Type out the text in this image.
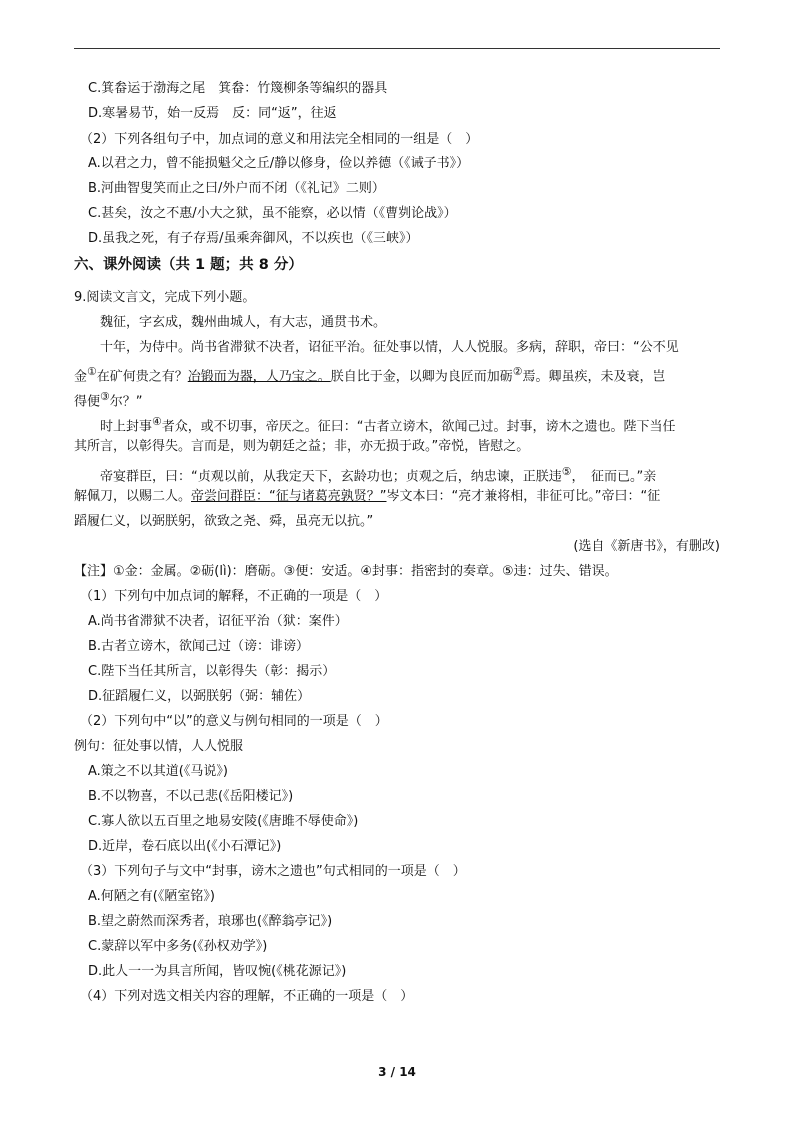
C.箕畚运于渤海之尾　箕畚：竹篾柳条等编织的器具
D.寒暑易节，始一反焉　反：同“返”，往返
（2）下列各组句子中，加点词的意义和用法完全相同的一组是（　）
A.以君之力，曾不能损魁父之丘/静以修身，俭以养德（《诫子书》）
B.河曲智叟笑而止之曰/外户而不闭（《礼记》二则）
C.甚矣，汝之不惠/小大之狱，虽不能察，必以情（《曹刿论战》）
D.虽我之死，有子存焉/虽乘奔御风，不以疾也（《三峡》）
六、课外阅读（共 1 题；共 8 分）
9.阅读文言文，完成下列小题。
　　魏征，字玄成，魏州曲城人，有大志，通贯书术。
　　十年，为侍中。尚书省滞狱不决者，诏征平治。征处事以情，人人悦服。多病，辞职，帝曰：“公不见
金①在矿何贵之有？冶锻而为器，人乃宝之。朕自比于金，以卿为良匠而加砺②焉。卿虽疾，未及衰，岂
得便③尔？”
　　时上封事④者众，或不切事，帝厌之。征曰：“古者立谤木，欲闻己过。封事，谤木之遗也。陛下当任
其所言，以彰得失。言而是，则为朝廷之益；非，亦无损于政。”帝悦，皆慰之。
　　帝宴群臣，曰：“贞观以前，从我定天下，玄龄功也；贞观之后，纳忠谏，正朕违⑤，　征而已。”亲
解佩刀，以赐二人。帝尝问群臣：“征与诸葛亮孰贤？”岑文本曰：“亮才兼将相，非征可比。”帝曰：“征
蹈履仁义，以弼朕躬，欲致之尧、舜，虽亮无以抗。”
(选自《新唐书》，有删改)
【注】①金：金属。②砺(lì)：磨砺。③便：安适。④封事：指密封的奏章。⑤违：过失、错误。
（1）下列句中加点词的解释，不正确的一项是（　）
A.尚书省滞狱不决者，诏征平治（狱：案件）
B.古者立谤木，欲闻己过（谤：诽谤）
C.陛下当任其所言，以彰得失（彰：揭示）
D.征蹈履仁义，以弼朕躬（弼：辅佐）
（2）下列句中“以”的意义与例句相同的一项是（　）
例句：征处事以情，人人悦服
A.策之不以其道(《马说》)
B.不以物喜，不以己悲(《岳阳楼记》)
C.寡人欲以五百里之地易安陵(《唐雎不辱使命》)
D.近岸，卷石底以出(《小石潭记》)
（3）下列句子与文中“封事，谤木之遗也”句式相同的一项是（　）
A.何陋之有(《陋室铭》)
B.望之蔚然而深秀者，琅琊也(《醉翁亭记》)
C.蒙辞以军中多务(《孙权劝学》)
D.此人一一为具言所闻，皆叹惋(《桃花源记》)
（4）下列对选文相关内容的理解，不正确的一项是（　）
3 / 14
